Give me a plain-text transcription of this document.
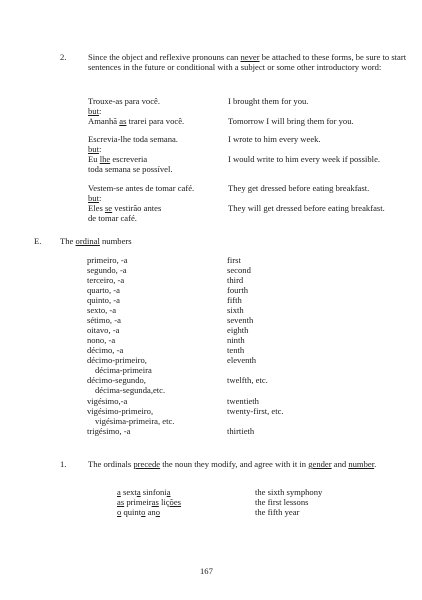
2.	Since the object and reflexive pronouns can never be attached to these forms, be sure to start sentences in the future or conditional with a subject or some other introductory word:
Trouxe-as para você.	I brought them for you.
but:
Amanhã as trarei para você.	Tomorrow I will bring them for you.
Escrevia-lhe toda semana.	I wrote to him every week.
but:
Eu lhe escreveria
toda semana se possível.
I would write to him every week if possible.
Vestem-se antes de tomar café.	They get dressed before eating breakfast.
but:
Eles se vestirão antes
de tomar café.
They will get dressed before eating breakfast.
E. The ordinal numbers
primeiro, -a	first
segundo, -a	second
terceiro, -a	third
quarto, -a	fourth
quinto, -a	fifth
sexto, -a	sixth
sétimo, -a	seventh
oitavo, -a	eighth
nono, -a	ninth
décimo, -a	tenth
décimo-primeiro,	eleventh
décima-primeira
décimo-segundo,	twelfth, etc.
décima-segunda,etc.
vigésimo,-a	twentieth
vigésimo-primeiro,	twenty-first, etc.
vigésima-primeira, etc.
trigésimo, -a	thirtieth
1.	The ordinals precede the noun they modify, and agree with it in gender and number.
a sexta sinfonia	the sixth symphony
as primeiras lições	the first lessons
o quinto ano	the fifth year
167
